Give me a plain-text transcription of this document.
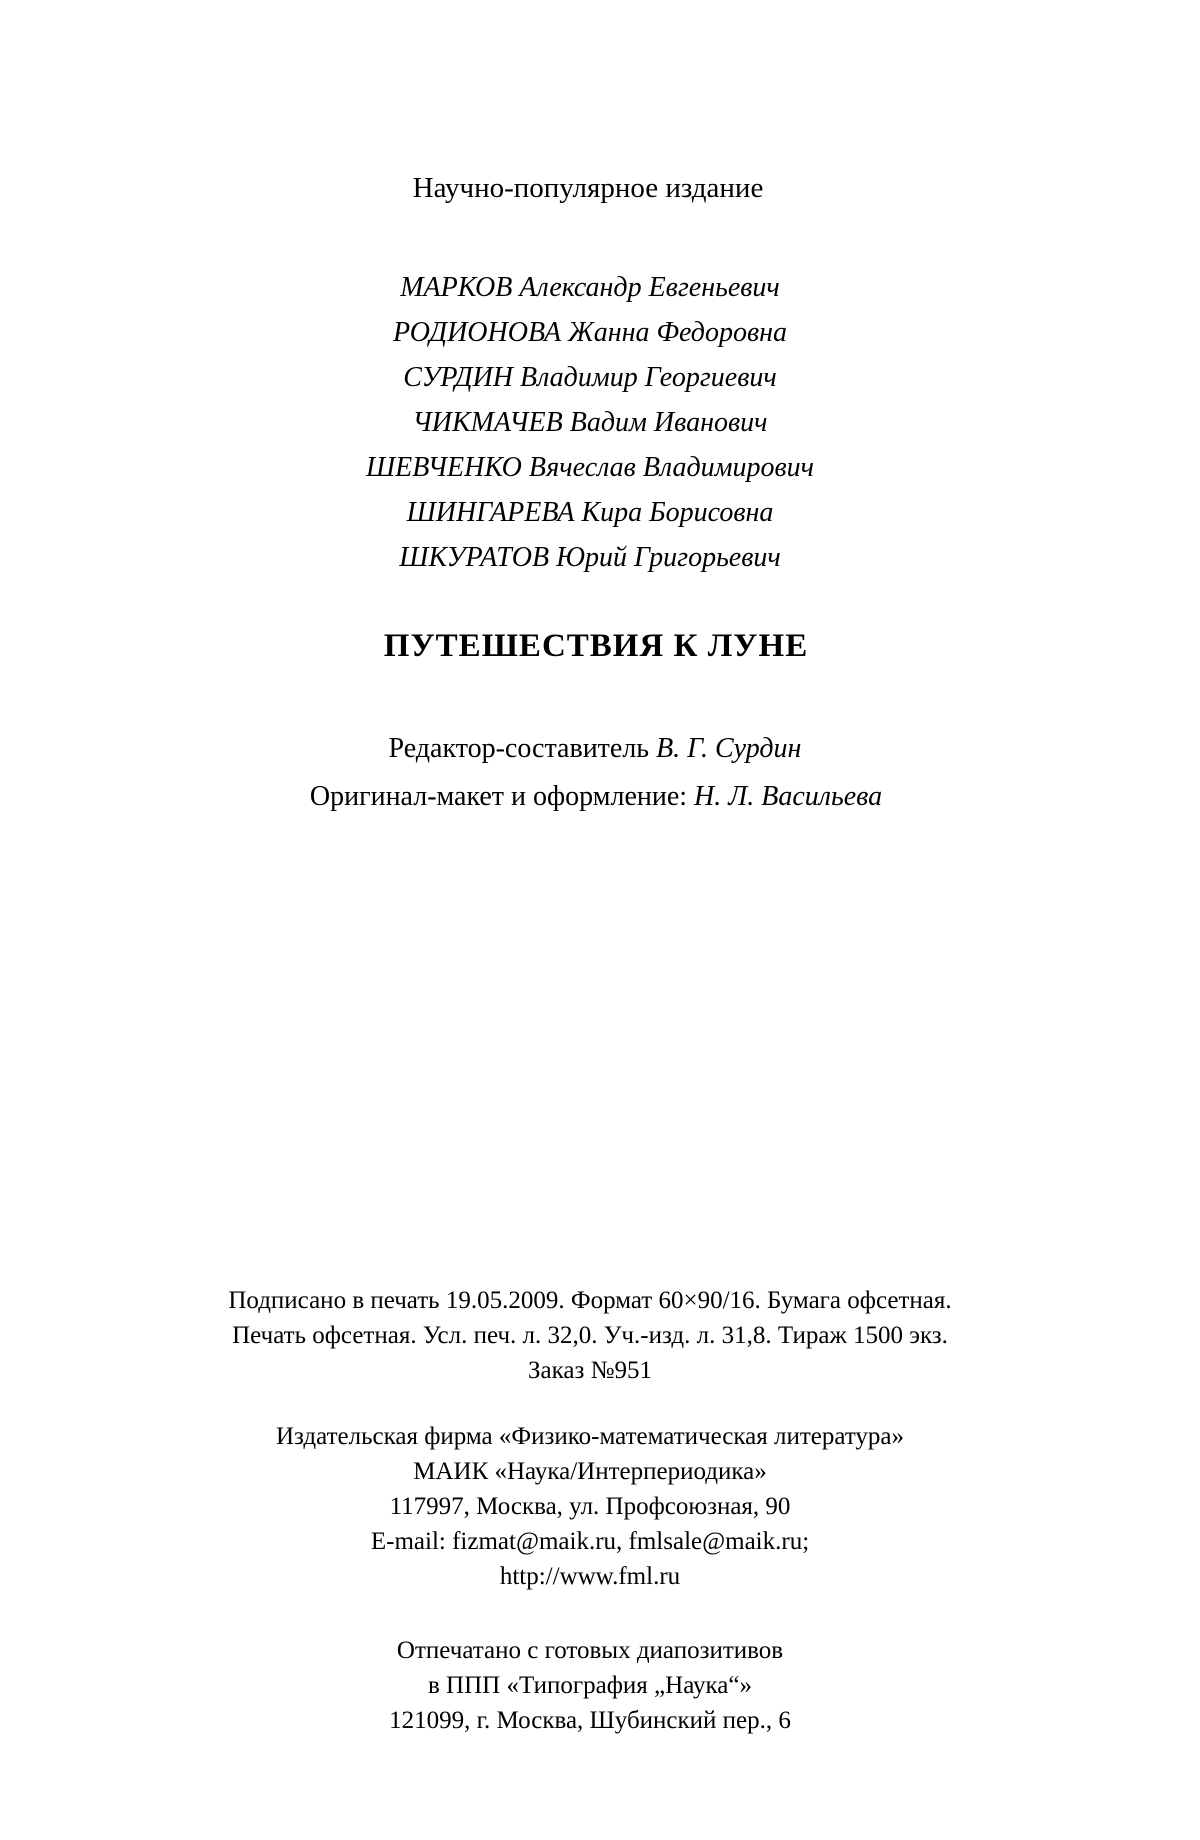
Научно-популярное издание
МАРКОВ Александр Евгеньевич
РОДИОНОВА Жанна Федоровна
СУРДИН Владимир Георгиевич
ЧИКМАЧЕВ Вадим Иванович
ШЕВЧЕНКО Вячеслав Владимирович
ШИНГАРЕВА Кира Борисовна
ШКУРАТОВ Юрий Григорьевич
ПУТЕШЕСТВИЯ К ЛУНЕ
Редактор-составитель В. Г. Сурдин
Оригинал-макет и оформление: Н. Л. Васильева
Подписано в печать 19.05.2009. Формат 60×90/16. Бумага офсетная.
Печать офсетная. Усл. печ. л. 32,0. Уч.-изд. л. 31,8. Тираж 1500 экз.
Заказ №951
Издательская фирма «Физико-математическая литература»
МАИК «Наука/Интерпериодика»
117997, Москва, ул. Профсоюзная, 90
E-mail: fizmat@maik.ru, fmlsale@maik.ru;
http://www.fml.ru
Отпечатано с готовых диапозитивов
в ППП «Типография „Наука“»
121099, г. Москва, Шубинский пер., 6
